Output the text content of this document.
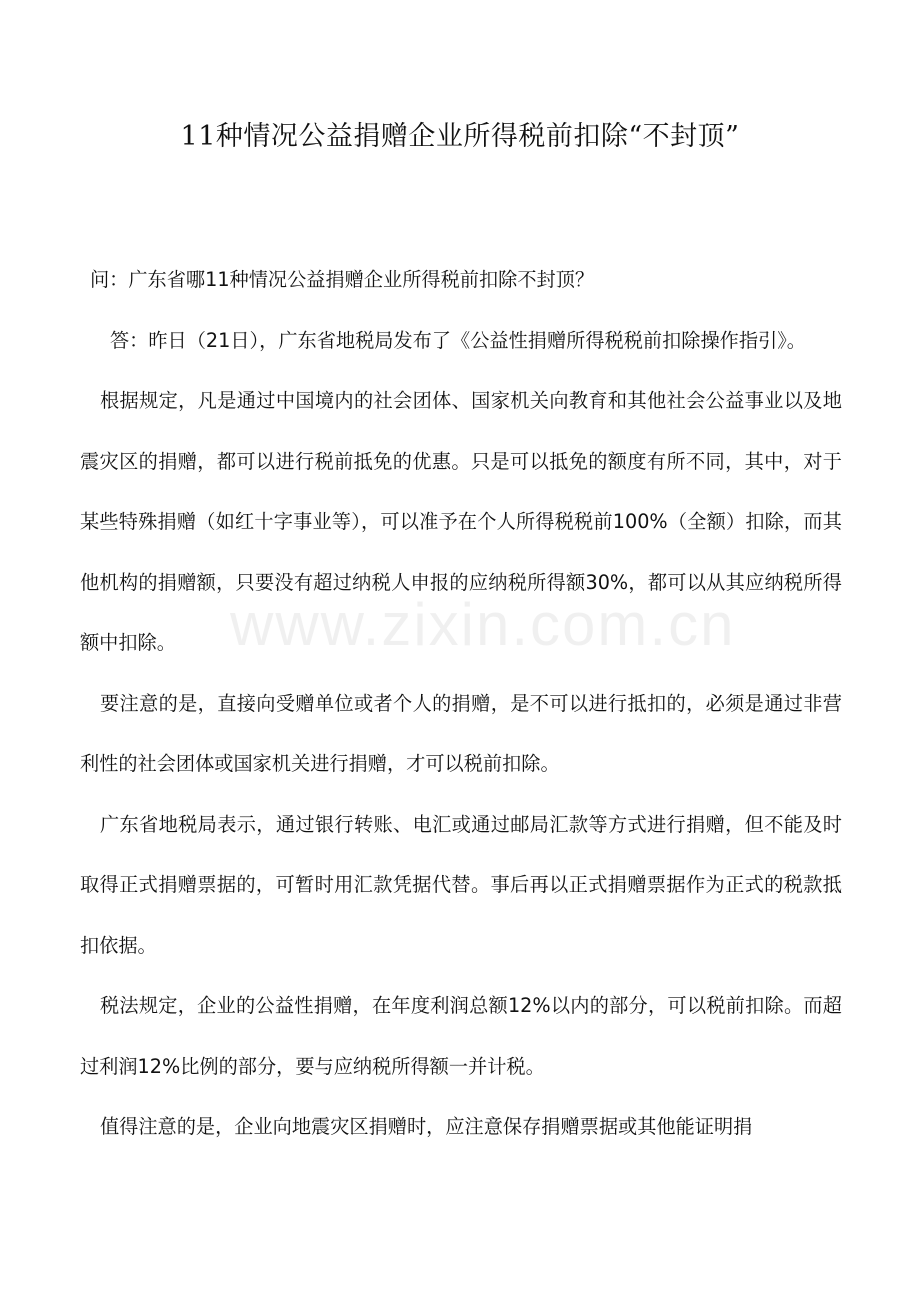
www.zixin.com.cn
11种情况公益捐赠企业所得税前扣除“不封顶”

问：广东省哪11种情况公益捐赠企业所得税前扣除不封顶？

答：昨日（21日），广东省地税局发布了《公益性捐赠所得税税前扣除操作指引》。

根据规定，凡是通过中国境内的社会团体、国家机关向教育和其他社会公益事业以及地震灾区的捐赠，都可以进行税前抵免的优惠。只是可以抵免的额度有所不同，其中，对于某些特殊捐赠（如红十字事业等），可以准予在个人所得税税前100%（全额）扣除，而其他机构的捐赠额，只要没有超过纳税人申报的应纳税所得额30%，都可以从其应纳税所得额中扣除。

要注意的是，直接向受赠单位或者个人的捐赠，是不可以进行抵扣的，必须是通过非营利性的社会团体或国家机关进行捐赠，才可以税前扣除。

广东省地税局表示，通过银行转账、电汇或通过邮局汇款等方式进行捐赠，但不能及时取得正式捐赠票据的，可暂时用汇款凭据代替。事后再以正式捐赠票据作为正式的税款抵扣依据。

税法规定，企业的公益性捐赠，在年度利润总额12%以内的部分，可以税前扣除。而超过利润12%比例的部分，要与应纳税所得额一并计税。

值得注意的是，企业向地震灾区捐赠时，应注意保存捐赠票据或其他能证明捐
